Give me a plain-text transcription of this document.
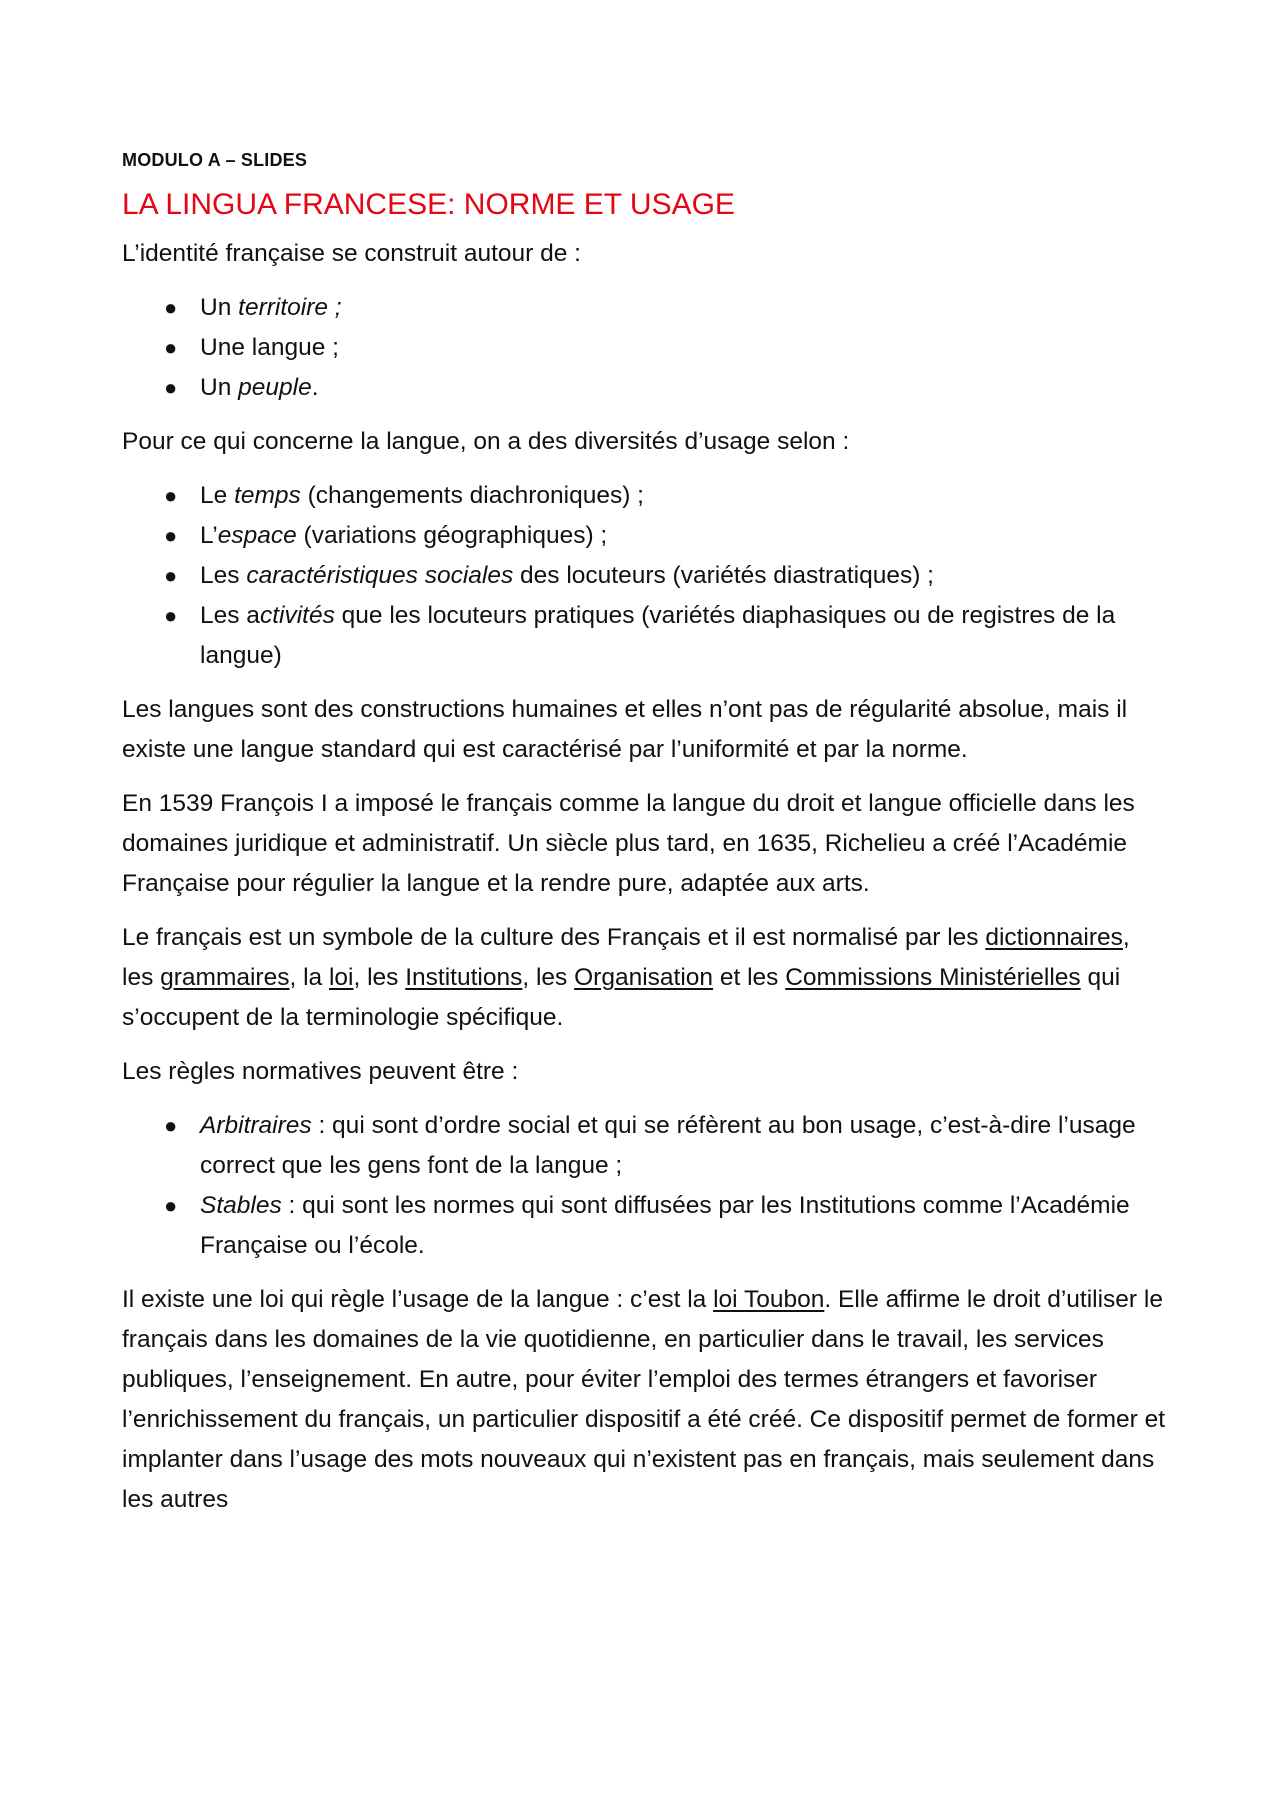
MODULO A – SLIDES
LA LINGUA FRANCESE: NORME ET USAGE

L’identité française se construit autour de :

● Un territoire ;
● Une langue ;
● Un peuple.

Pour ce qui concerne la langue, on a des diversités d’usage selon :

● Le temps (changements diachroniques) ;
● L’espace (variations géographiques) ;
● Les caractéristiques sociales des locuteurs (variétés diastratiques) ;
● Les activités que les locuteurs pratiques (variétés diaphasiques ou de registres de la langue)

Les langues sont des constructions humaines et elles n’ont pas de régularité absolue, mais il existe une langue standard qui est caractérisé par l’uniformité et par la norme.

En 1539 François I a imposé le français comme la langue du droit et langue officielle dans les domaines juridique et administratif. Un siècle plus tard, en 1635, Richelieu a créé l’Académie Française pour régulier la langue et la rendre pure, adaptée aux arts.

Le français est un symbole de la culture des Français et il est normalisé par les dictionnaires, les grammaires, la loi, les Institutions, les Organisation et les Commissions Ministérielles qui s’occupent de la terminologie spécifique.

Les règles normatives peuvent être :

● Arbitraires : qui sont d’ordre social et qui se réfèrent au bon usage, c’est-à-dire l’usage correct que les gens font de la langue ;
● Stables : qui sont les normes qui sont diffusées par les Institutions comme l’Académie Française ou l’école.

Il existe une loi qui règle l’usage de la langue : c’est la loi Toubon. Elle affirme le droit d’utiliser le français dans les domaines de la vie quotidienne, en particulier dans le travail, les services publiques, l’enseignement. En autre, pour éviter l’emploi des termes étrangers et favoriser l’enrichissement du français, un particulier dispositif a été créé. Ce dispositif permet de former et implanter dans l’usage des mots nouveaux qui n’existent pas en français, mais seulement dans les autres
